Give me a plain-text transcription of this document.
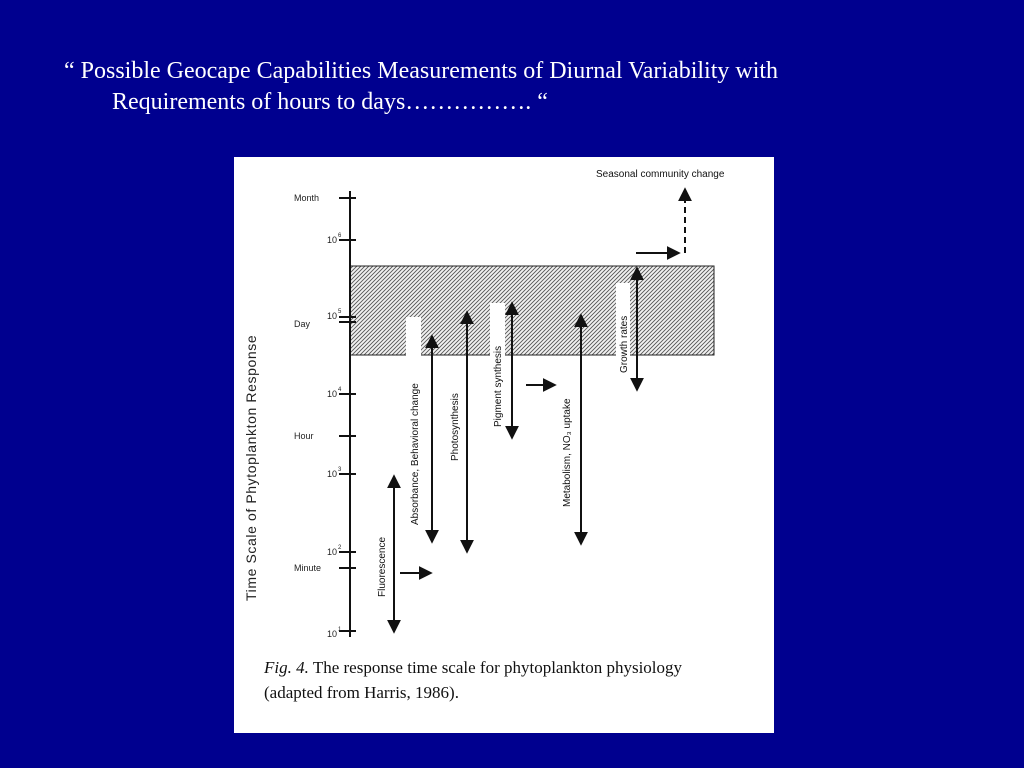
“ Possible Geocape Capabilities Measurements of Diurnal Variability with
Requirements of hours to days……………. “
Month
10 6
10 5
Day
10 4
Hour
10 3
10 2
Minute
10 1
Time Scale of Phytoplankton Response	Fluorescence
Absorbance, Behavioral change	Photosynthesis
Pigment synthesis
Metabolism, NO₃ uptake
Growth rates
Seasonal community change
Fig. 4. The response time scale for phytoplankton physiology
(adapted from Harris, 1986).
